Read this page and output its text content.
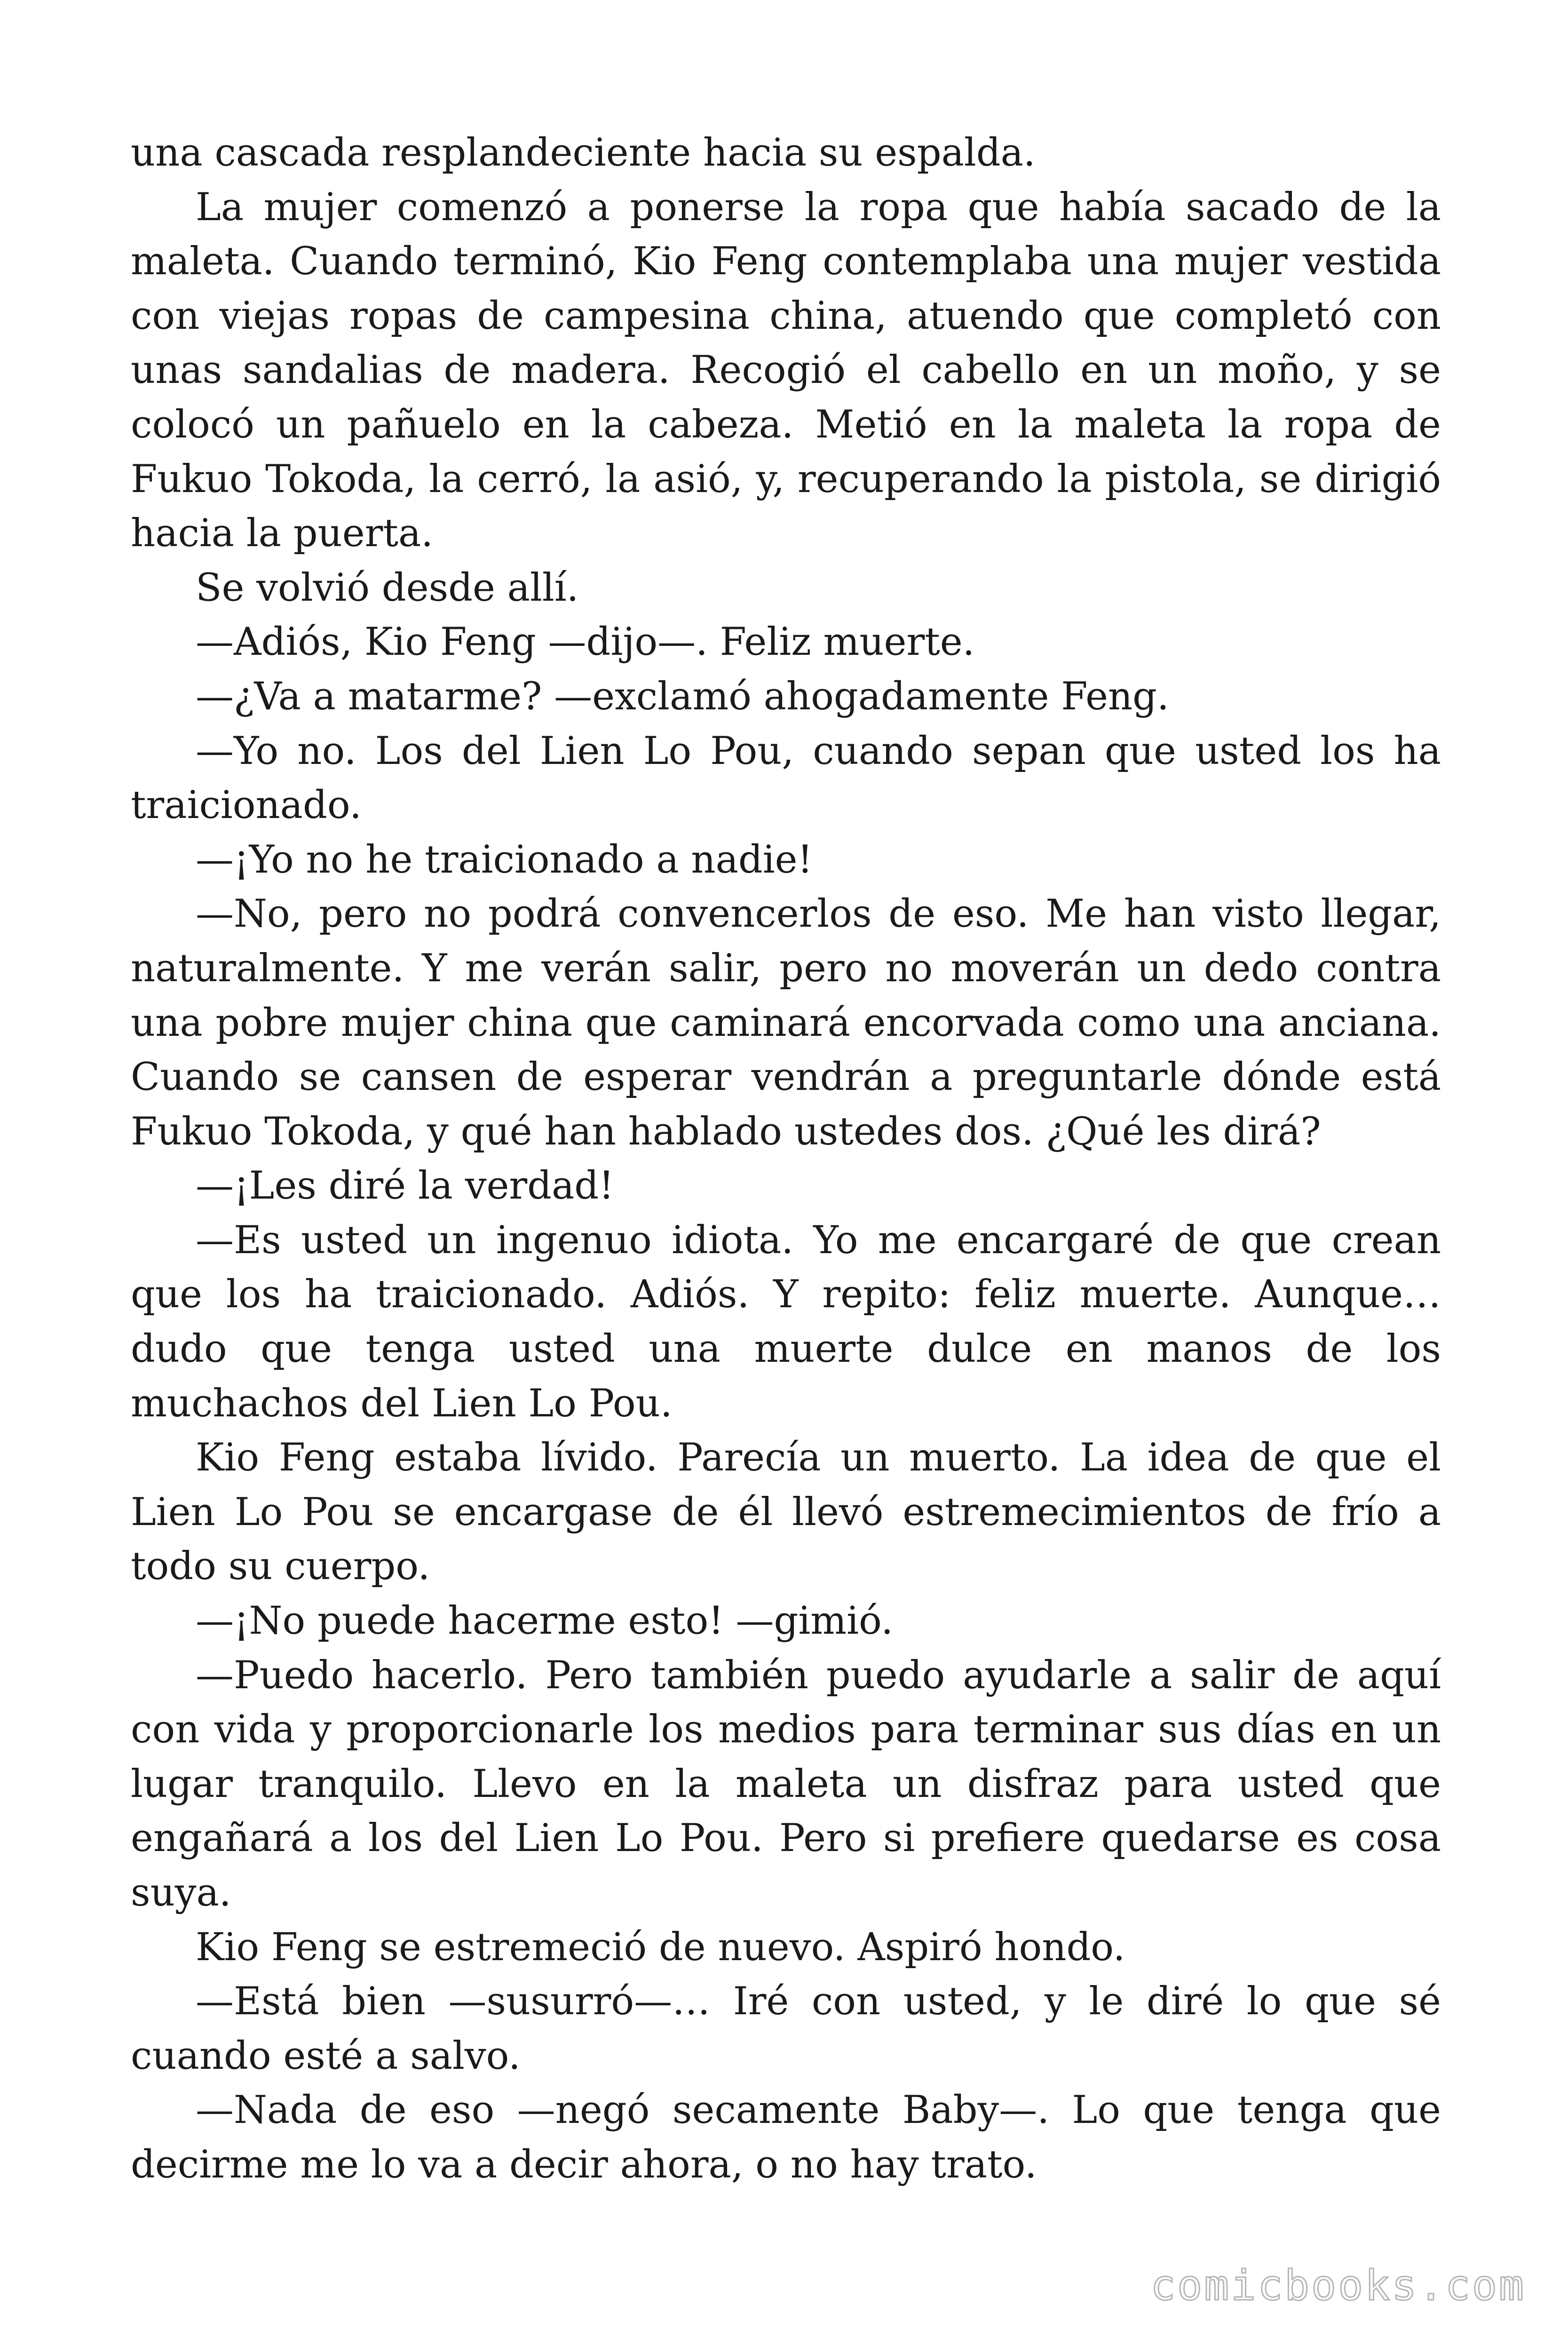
una cascada resplandeciente hacia su espalda.

La mujer comenzó a ponerse la ropa que había sacado de la maleta. Cuando terminó, Kio Feng contemplaba una mujer vestida con viejas ropas de campesina china, atuendo que completó con unas sandalias de madera. Recogió el cabello en un moño, y se colocó un pañuelo en la cabeza. Metió en la maleta la ropa de Fukuo Tokoda, la cerró, la asió, y, recuperando la pistola, se dirigió hacia la puerta.

Se volvió desde allí.

—Adiós, Kio Feng —dijo—. Feliz muerte.

—¿Va a matarme? —exclamó ahogadamente Feng.

—Yo no. Los del Lien Lo Pou, cuando sepan que usted los ha traicionado.

—¡Yo no he traicionado a nadie!

—No, pero no podrá convencerlos de eso. Me han visto llegar, naturalmente. Y me verán salir, pero no moverán un dedo contra una pobre mujer china que caminará encorvada como una anciana. Cuando se cansen de esperar vendrán a preguntarle dónde está Fukuo Tokoda, y qué han hablado ustedes dos. ¿Qué les dirá?

—¡Les diré la verdad!

—Es usted un ingenuo idiota. Yo me encargaré de que crean que los ha traicionado. Adiós. Y repito: feliz muerte. Aunque… dudo que tenga usted una muerte dulce en manos de los muchachos del Lien Lo Pou.

Kio Feng estaba lívido. Parecía un muerto. La idea de que el Lien Lo Pou se encargase de él llevó estremecimientos de frío a todo su cuerpo.

—¡No puede hacerme esto! —gimió.

—Puedo hacerlo. Pero también puedo ayudarle a salir de aquí con vida y proporcionarle los medios para terminar sus días en un lugar tranquilo. Llevo en la maleta un disfraz para usted que engañará a los del Lien Lo Pou. Pero si prefiere quedarse es cosa suya.

Kio Feng se estremeció de nuevo. Aspiró hondo.

—Está bien —susurró—… Iré con usted, y le diré lo que sé cuando esté a salvo.

—Nada de eso —negó secamente Baby—. Lo que tenga que decirme me lo va a decir ahora, o no hay trato.

comicbooks.com
